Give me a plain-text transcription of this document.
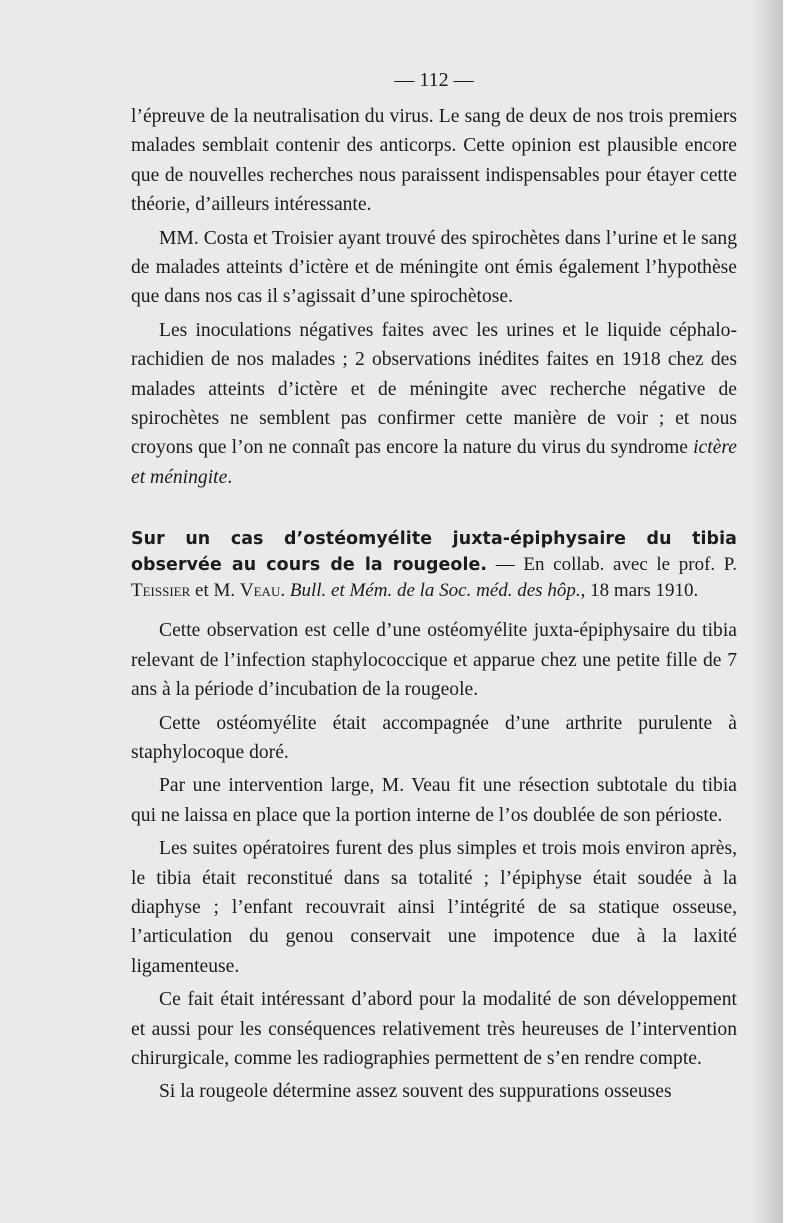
— 112 —

l’épreuve de la neutralisation du virus. Le sang de deux de nos trois premiers malades semblait contenir des anticorps. Cette opinion est plausible encore que de nouvelles recherches nous paraissent indispensables pour étayer cette théorie, d’ailleurs intéressante.

MM. Costa et Troisier ayant trouvé des spirochètes dans l’urine et le sang de malades atteints d’ictère et de méningite ont émis également l’hypothèse que dans nos cas il s’agissait d’une spirochètose.

Les inoculations négatives faites avec les urines et le liquide céphalo-rachidien de nos malades ; 2 observations inédites faites en 1918 chez des malades atteints d’ictère et de méningite avec recherche négative de spirochètes ne semblent pas confirmer cette manière de voir ; et nous croyons que l’on ne connaît pas encore la nature du virus du syndrome ictère et méningite.

Sur un cas d’ostéomyélite juxta-épiphysaire du tibia observée au cours de la rougeole. — En collab. avec le prof. P. Teissier et M. Veau. Bull. et Mém. de la Soc. méd. des hôp., 18 mars 1910.

Cette observation est celle d’une ostéomyélite juxta-épiphysaire du tibia relevant de l’infection staphylococcique et apparue chez une petite fille de 7 ans à la période d’incubation de la rougeole.

Cette ostéomyélite était accompagnée d’une arthrite purulente à staphylocoque doré.

Par une intervention large, M. Veau fit une résection subtotale du tibia qui ne laissa en place que la portion interne de l’os doublée de son périoste.

Les suites opératoires furent des plus simples et trois mois environ après, le tibia était reconstitué dans sa totalité ; l’épiphyse était soudée à la diaphyse ; l’enfant recouvrait ainsi l’intégrité de sa statique osseuse, l’articulation du genou conservait une impotence due à la laxité ligamenteuse.

Ce fait était intéressant d’abord pour la modalité de son développement et aussi pour les conséquences relativement très heureuses de l’intervention chirurgicale, comme les radiographies permettent de s’en rendre compte.

Si la rougeole détermine assez souvent des suppurations osseuses
